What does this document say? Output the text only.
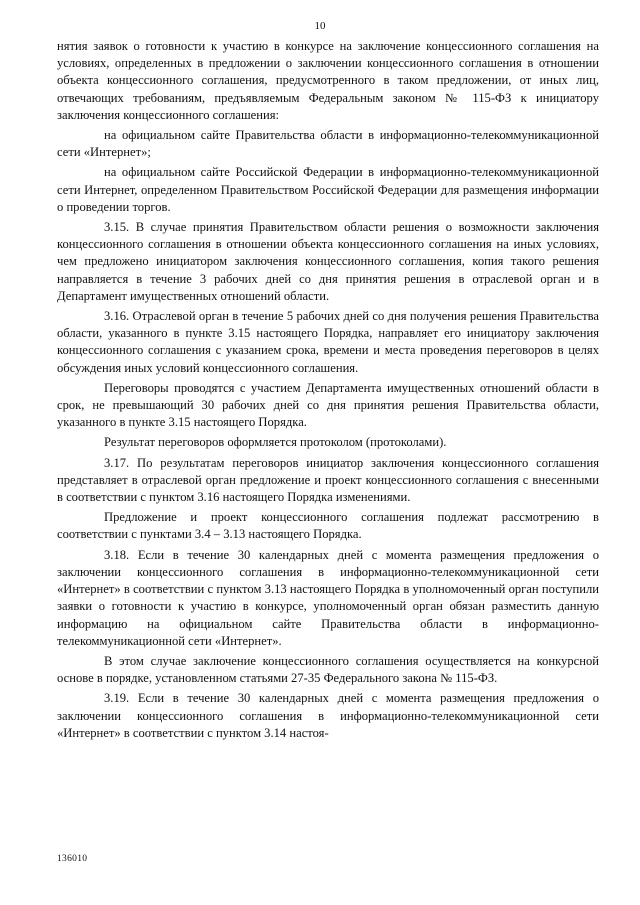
10

нятия заявок о готовности к участию в конкурсе на заключение концессионного соглашения на условиях, определенных в предложении о заключении концессионного соглашения в отношении объекта концессионного соглашения, предусмотренного в таком предложении, от иных лиц, отвечающих требованиям, предъявляемым Федеральным законом № 115-ФЗ к инициатору заключения концессионного соглашения:

на официальном сайте Правительства области в информационно-телекоммуникационной сети «Интернет»;

на официальном сайте Российской Федерации в информационно-телекоммуникационной сети Интернет, определенном Правительством Российской Федерации для размещения информации о проведении торгов.

3.15. В случае принятия Правительством области решения о возможности заключения концессионного соглашения в отношении объекта концессионного соглашения на иных условиях, чем предложено инициатором заключения концессионного соглашения, копия такого решения направляется в течение 3 рабочих дней со дня принятия решения в отраслевой орган и в Департамент имущественных отношений области.

3.16. Отраслевой орган в течение 5 рабочих дней со дня получения решения Правительства области, указанного в пункте 3.15 настоящего Порядка, направляет его инициатору заключения концессионного соглашения с указанием срока, времени и места проведения переговоров в целях обсуждения иных условий концессионного соглашения.

Переговоры проводятся с участием Департамента имущественных отношений области в срок, не превышающий 30 рабочих дней со дня принятия решения Правительства области, указанного в пункте 3.15 настоящего Порядка.

Результат переговоров оформляется протоколом (протоколами).

3.17. По результатам переговоров инициатор заключения концессионного соглашения представляет в отраслевой орган предложение и проект концессионного соглашения с внесенными в соответствии с пунктом 3.16 настоящего Порядка изменениями.

Предложение и проект концессионного соглашения подлежат рассмотрению в соответствии с пунктами 3.4 – 3.13 настоящего Порядка.

3.18. Если в течение 30 календарных дней с момента размещения предложения о заключении концессионного соглашения в информационно-телекоммуникационной сети «Интернет» в соответствии с пунктом 3.13 настоящего Порядка в уполномоченный орган поступили заявки о готовности к участию в конкурсе, уполномоченный орган обязан разместить данную информацию на официальном сайте Правительства области в информационно-телекоммуникационной сети «Интернет».

В этом случае заключение концессионного соглашения осуществляется на конкурсной основе в порядке, установленном статьями 27-35 Федерального закона № 115-ФЗ.

3.19. Если в течение 30 календарных дней с момента размещения предложения о заключении концессионного соглашения в информационно-телекоммуникационной сети «Интернет» в соответствии с пунктом 3.14 настоя-

136010
